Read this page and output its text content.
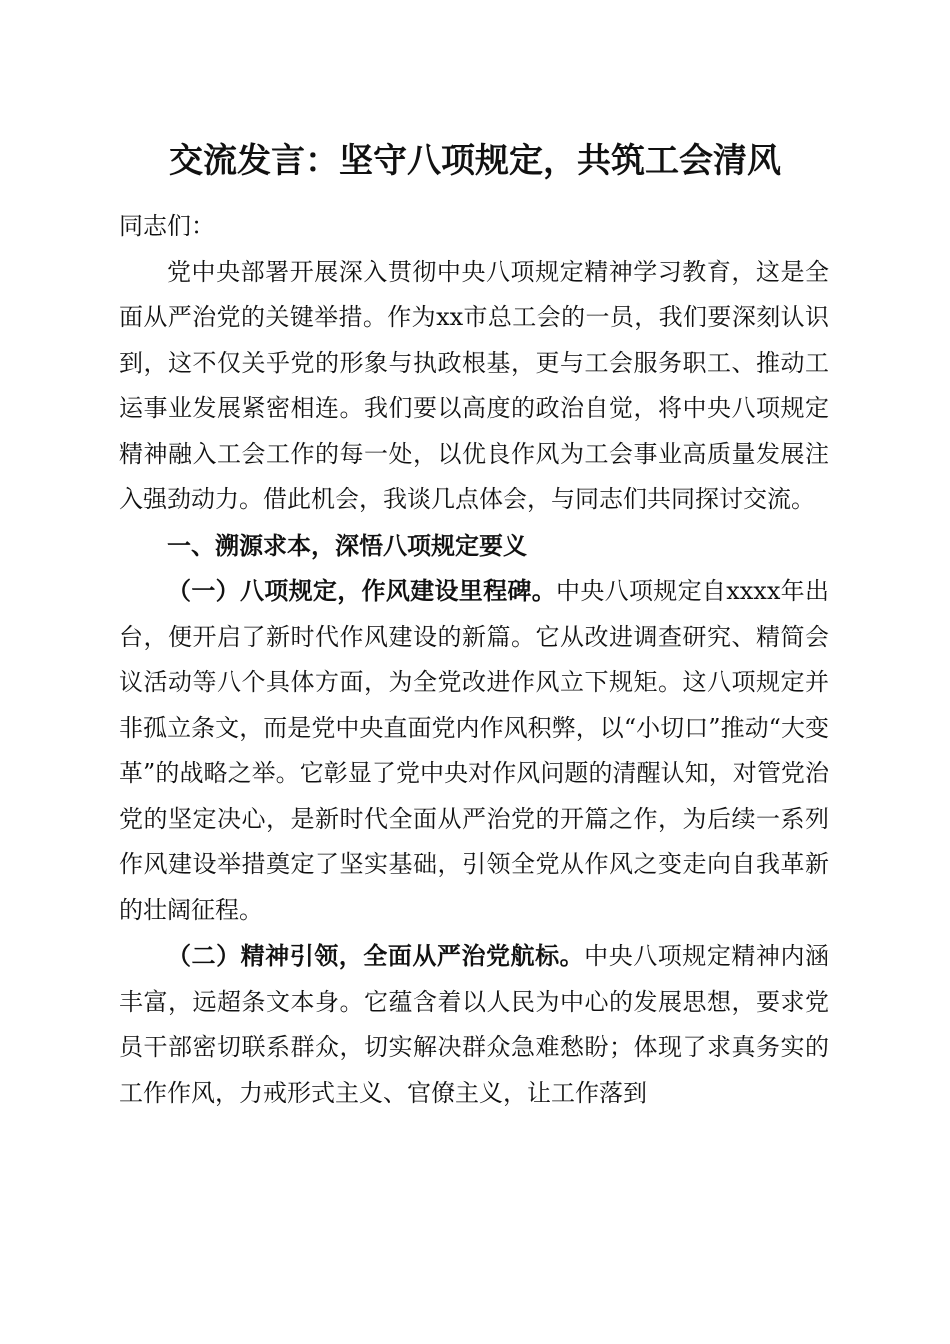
交流发言：坚守八项规定，共筑工会清风

同志们：

党中央部署开展深入贯彻中央八项规定精神学习教育，这是全面从严治党的关键举措。作为xx市总工会的一员，我们要深刻认识到，这不仅关乎党的形象与执政根基，更与工会服务职工、推动工运事业发展紧密相连。我们要以高度的政治自觉，将中央八项规定精神融入工会工作的每一处，以优良作风为工会事业高质量发展注入强劲动力。借此机会，我谈几点体会，与同志们共同探讨交流。

一、溯源求本，深悟八项规定要义

（一）八项规定，作风建设里程碑。中央八项规定自xxxx年出台，便开启了新时代作风建设的新篇。它从改进调查研究、精简会议活动等八个具体方面，为全党改进作风立下规矩。这八项规定并非孤立条文，而是党中央直面党内作风积弊，以“小切口”推动“大变革”的战略之举。它彰显了党中央对作风问题的清醒认知，对管党治党的坚定决心，是新时代全面从严治党的开篇之作，为后续一系列作风建设举措奠定了坚实基础，引领全党从作风之变走向自我革新的壮阔征程。

（二）精神引领，全面从严治党航标。中央八项规定精神内涵丰富，远超条文本身。它蕴含着以人民为中心的发展思想，要求党员干部密切联系群众，切实解决群众急难愁盼；体现了求真务实的工作作风，力戒形式主义、官僚主义，让工作落到
